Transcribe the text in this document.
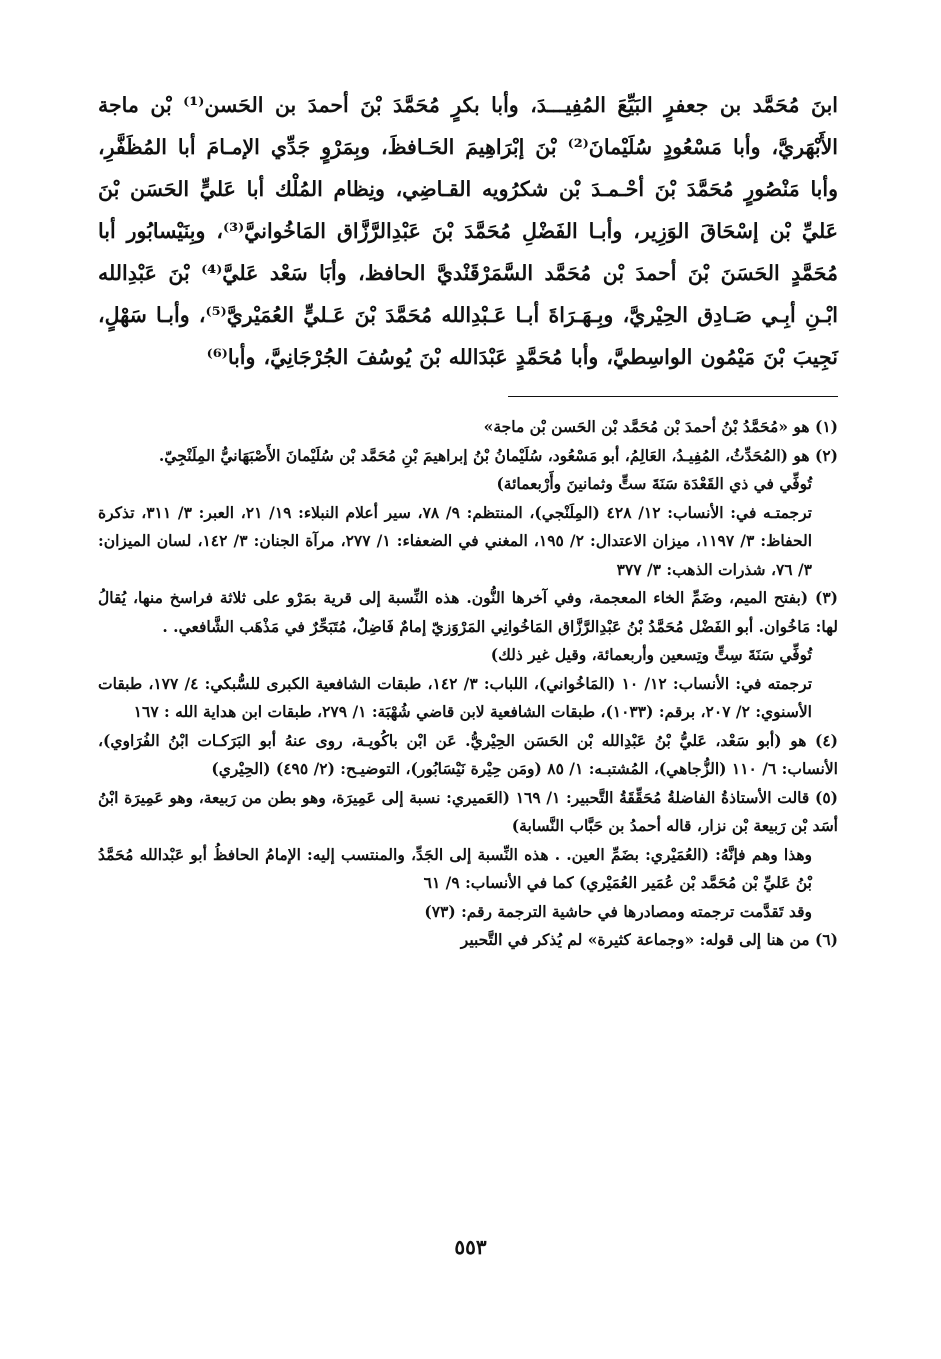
ابنَ مُحَمَّد بن جعفرٍ البَيِّعَ المُفِيـــدَ، وأبا بكرٍ مُحَمَّدَ بْنَ أحمدَ بن الحَسن⁽¹⁾ بْن ماجة الأَبْهَريَّ، وأبا مَسْعُودٍ سُلَيْمانَ⁽²⁾ بْنَ إبْرَاهِيمَ الحَـافظَ، وبِمَرْوٍ جَدِّي الإمـامَ أبا المُظَفَّرِ، وأبا مَنْصُورٍ مُحَمَّدَ بْنَ أحْـمـدَ بْن شكرُويه القـاضِي، ونِظام المُلْك أبا عَليٍّ الحَسَن بْنَ عَليِّ بْن إسْحَاقَ الوَزِير، وأبـا الفَضْلِ مُحَمَّدَ بْنَ عَبْدِالرَّزَّاق المَاخُوانيَّ⁽³⁾، وبِنَيْسابُور أبا مُحَمَّدٍ الحَسَنَ بْنَ أحمدَ بْن مُحَمَّد السَّمَرْقَنْديَّ الحافظ، وأبَا سَعْد عَليَّ⁽⁴⁾ بْنَ عَبْدِالله ابْـنِ أبِـي صَـادِق الحِيْريَّ، وبِـهَـرَاةَ أبـا عَـبْدِالله مُحَمَّدَ بْنَ عَـليٍّ العُمَيْريَّ⁽⁵⁾، وأبـا سَهْلٍ، نَجِيبَ بْنَ مَيْمُون الواسِطيَّ، وأبا مُحَمَّدٍ عَبْدَالله بْنَ يُوسُفَ الجُرْجَانِيَّ، وأبا⁽⁶⁾

(١) هو «مُحَمَّدُ بْنُ أحمدَ بْن مُحَمَّد بْن الحَسن بْن ماجة»

(٢) هو (المُحَدِّثُ، المُفِيـدُ، العَالِمُ، أبو مَسْعُود، سُلَيْمانُ بْنُ إبراهيمَ بْنِ مُحَمَّد بْن سُلَيْمانَ الأَصْبَهَانيُّ المِلَنْجِيّ.

تُوفِّي في ذي القَعْدَة سَنَةَ ستٍّ وثمانينَ وأَرْبعمائة)

ترجمتـه في: الأنساب: ١٢/ ٤٢٨ (المِلَنْجي)، المنتظم: ٩/ ٧٨، سير أعلام النبلاء: ١٩/ ٢١، العبر: ٣/ ٣١١، تذكرة الحفاظ: ٣/ ١١٩٧، ميزان الاعتدال: ٢/ ١٩٥، المغني في الضعفاء: ١/ ٢٧٧، مرآة الجنان: ٣/ ١٤٢، لسان الميزان: ٣/ ٧٦، شذرات الذهب: ٣/ ٣٧٧

(٣) (بفتح الميم، وضَمِّ الخاء المعجمة، وفي آخرها النُّون. هذه النِّسبة إلى قرية بمَرْو على ثلاثة فراسخ منها، يُقالُ لها: مَاخُوان. أبو الفَضْل مُحَمَّدُ بْنُ عَبْدِالرَّزَّاق المَاخُوانِي المَرْوَزيّ إمامٌ فَاضِلٌ، مُتَبَحِّرٌ في مَذْهَب الشَّافعي. .

تُوفِّي سَنَةَ سِتٍّ وتِسعين وأربعمائة، وقيل غير ذلك)

ترجمته في: الأنساب: ١٢/ ١٠ (المَاخُواني)، اللباب: ٣/ ١٤٢، طبقات الشافعية الكبرى للسُّبكي: ٤/ ١٧٧، طبقات الأسنوي: ٢/ ٢٠٧، برقم: (١٠٣٣)، طبقات الشافعية لابن قاضي شُهْبَة: ١/ ٢٧٩، طبقات ابن هداية الله : ١٦٧

(٤) هو (أبو سَعْد، عَليُّ بْنُ عَبْدِالله بْن الحَسَن الحِيْريُّ. عَن ابْن باكُويـة، روى عنهُ أبو البَرَكـات ابْنُ الفُرَاوي)، الأنساب: ٦/ ١١٠ (الزُّجاهي)، المُشتبـه: ١/ ٨٥ (ومَن حِيْرة نَيْسَابُور)، التوضيـح: (٢/ ٤٩٥) (الحِيْري)

(٥) قالت الأستاذةُ الفاضلةُ مُحَقِّقَةُ التَّحبير: ١/ ١٦٩ (العَميري: نسبة إلى عَمِيرَة، وهو بطن من رَبيعة، وهو عَمِيرَة ابْنُ أسَد بْن رَبيعة بْن نزار، قاله أحمدُ بن حَبَّاب النَّسابة)

وهذا وهم فإنَّهُ: (العُمَيْري: بضَمِّ العين. . هذه النِّسبة إلى الجَدِّ، والمنتسب إليه: الإمامُ الحافظُ أبو عَبْدالله مُحَمَّدُ بْنُ عَليِّ بْن مُحَمَّد بْن عُمَير العُمَيْري) كما في الأنساب: ٩/ ٦١

وقد تَقدَّمت ترجمته ومصادرها في حاشية الترجمة رقم: (٧٣)

(٦) من هنا إلى قوله: «وجماعة كثيرة» لم يُذكر في التَّحبير

٥٥٣
